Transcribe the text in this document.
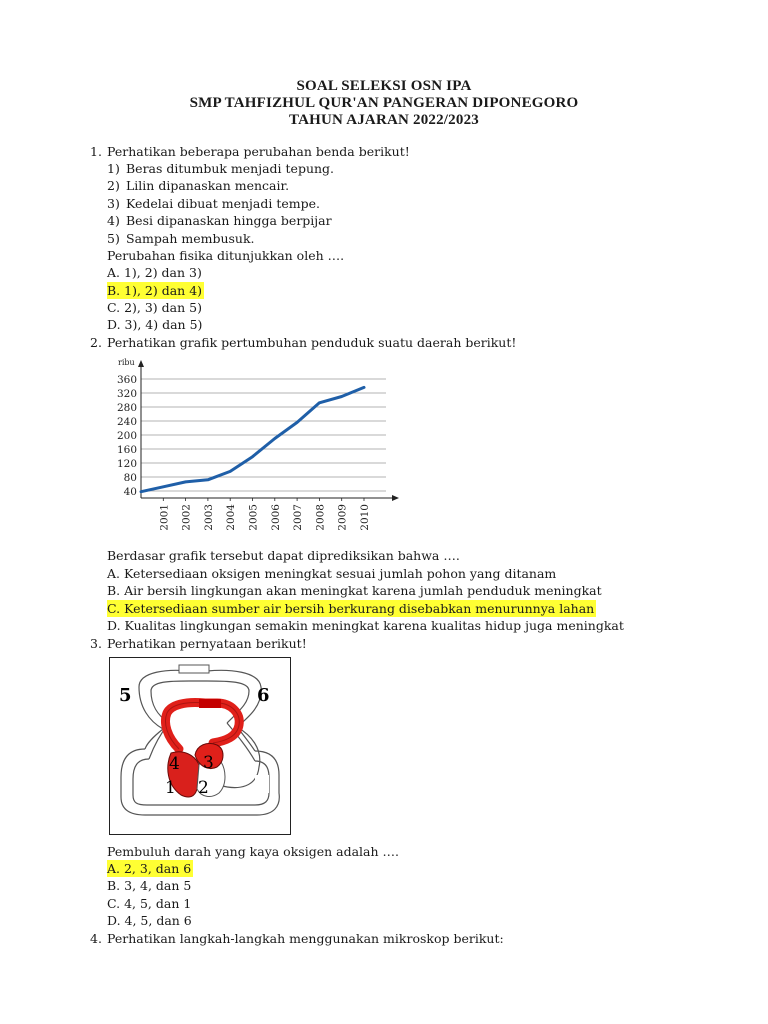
SOAL SELEKSI OSN IPA
SMP TAHFIZHUL QUR'AN PANGERAN DIPONEGORO
TAHUN AJARAN 2022/2023
1. Perhatikan beberapa perubahan benda berikut!
1) Beras ditumbuk menjadi tepung.
2) Lilin dipanaskan mencair.
3) Kedelai dibuat menjadi tempe.
4) Besi dipanaskan hingga berpijar
5) Sampah membusuk.
Perubahan fisika ditunjukkan oleh ….
A. 1), 2) dan 3)
B. 1), 2) dan 4)
C. 2), 3) dan 5)
D. 3), 4) dan 5)
2. Perhatikan grafik pertumbuhan penduduk suatu daerah berikut!
40
80
120
160
200
240
280
320
360
ribu
2001 2002 2003 2004 2005 2006 2007 2008 2009 2010
Berdasar grafik tersebut dapat diprediksikan bahwa ….
A. Ketersediaan oksigen meningkat sesuai jumlah pohon yang ditanam
B. Air bersih lingkungan akan meningkat karena jumlah penduduk meningkat
C. Ketersediaan sumber air bersih berkurang disebabkan menurunnya lahan
D. Kualitas lingkungan semakin meningkat karena kualitas hidup juga meningkat
3. Perhatikan pernyataan berikut!
5	6
4 3
1 2
Pembuluh darah yang kaya oksigen adalah ….
A. 2, 3, dan 6
B. 3, 4, dan 5
C. 4, 5, dan 1
D. 4, 5, dan 6
4. Perhatikan langkah-langkah menggunakan mikroskop berikut:
